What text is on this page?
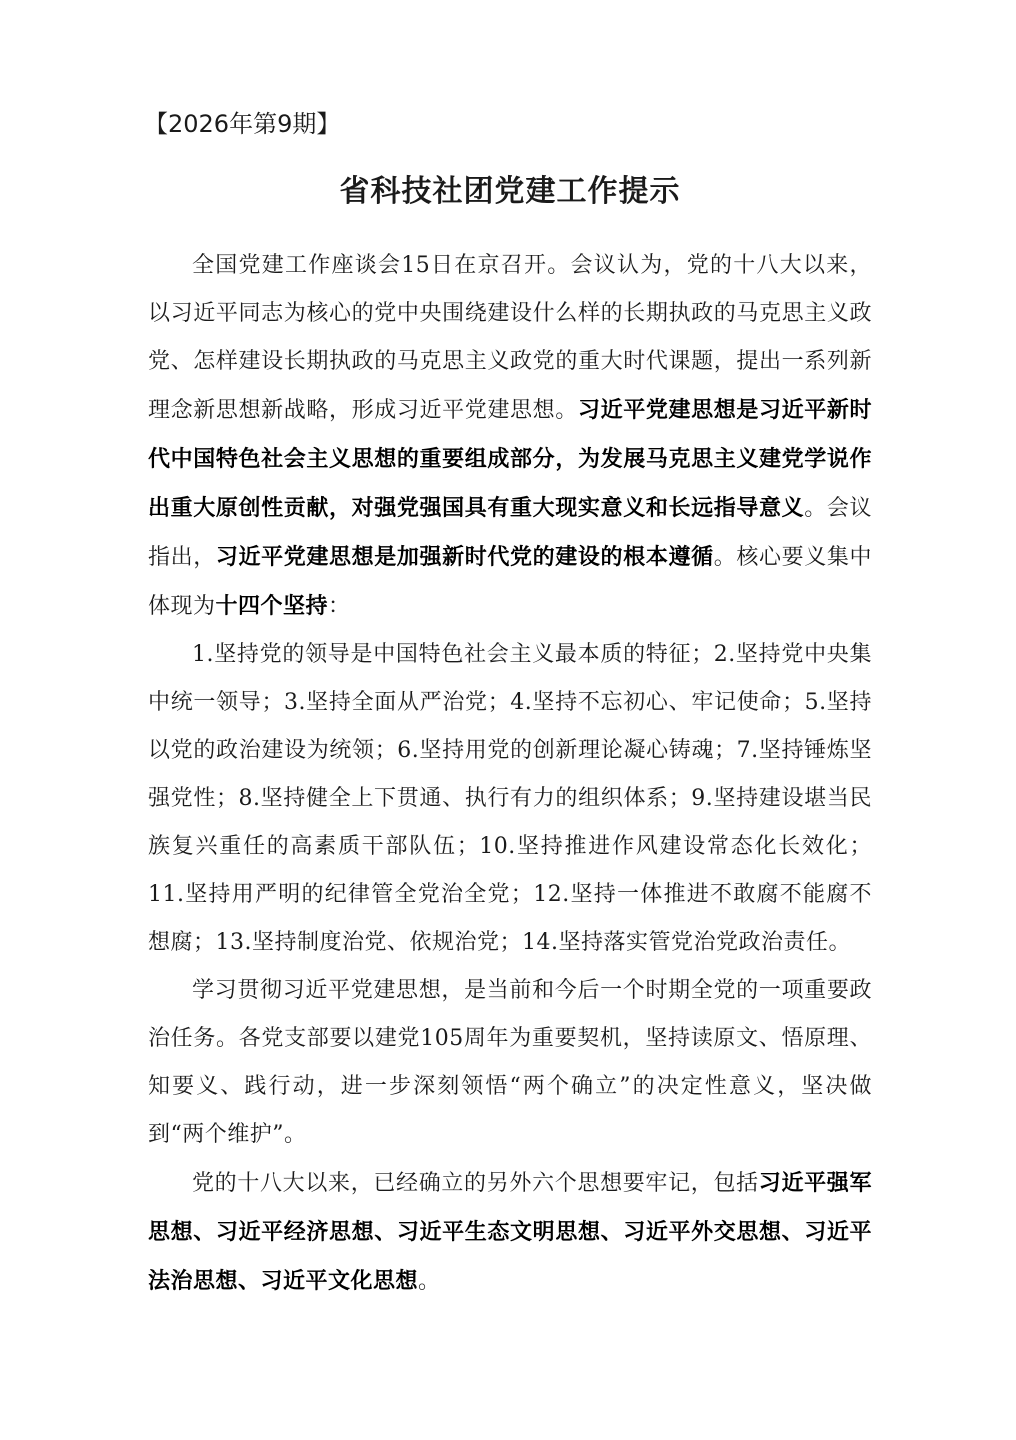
【2026年第9期】
省科技社团党建工作提示

全国党建工作座谈会15日在京召开。会议认为，党的十八大以来，以习近平同志为核心的党中央围绕建设什么样的长期执政的马克思主义政党、怎样建设长期执政的马克思主义政党的重大时代课题，提出一系列新理念新思想新战略，形成习近平党建思想。习近平党建思想是习近平新时代中国特色社会主义思想的重要组成部分，为发展马克思主义建党学说作出重大原创性贡献，对强党强国具有重大现实意义和长远指导意义。会议指出，习近平党建思想是加强新时代党的建设的根本遵循。核心要义集中体现为十四个坚持：

1.坚持党的领导是中国特色社会主义最本质的特征；2.坚持党中央集中统一领导；3.坚持全面从严治党；4.坚持不忘初心、牢记使命；5.坚持以党的政治建设为统领；6.坚持用党的创新理论凝心铸魂；7.坚持锤炼坚强党性；8.坚持健全上下贯通、执行有力的组织体系；9.坚持建设堪当民族复兴重任的高素质干部队伍；10.坚持推进作风建设常态化长效化；11.坚持用严明的纪律管全党治全党；12.坚持一体推进不敢腐不能腐不想腐；13.坚持制度治党、依规治党；14.坚持落实管党治党政治责任。

学习贯彻习近平党建思想，是当前和今后一个时期全党的一项重要政治任务。各党支部要以建党105周年为重要契机，坚持读原文、悟原理、知要义、践行动，进一步深刻领悟“两个确立”的决定性意义，坚决做到“两个维护”。

党的十八大以来，已经确立的另外六个思想要牢记，包括习近平强军思想、习近平经济思想、习近平生态文明思想、习近平外交思想、习近平法治思想、习近平文化思想。
